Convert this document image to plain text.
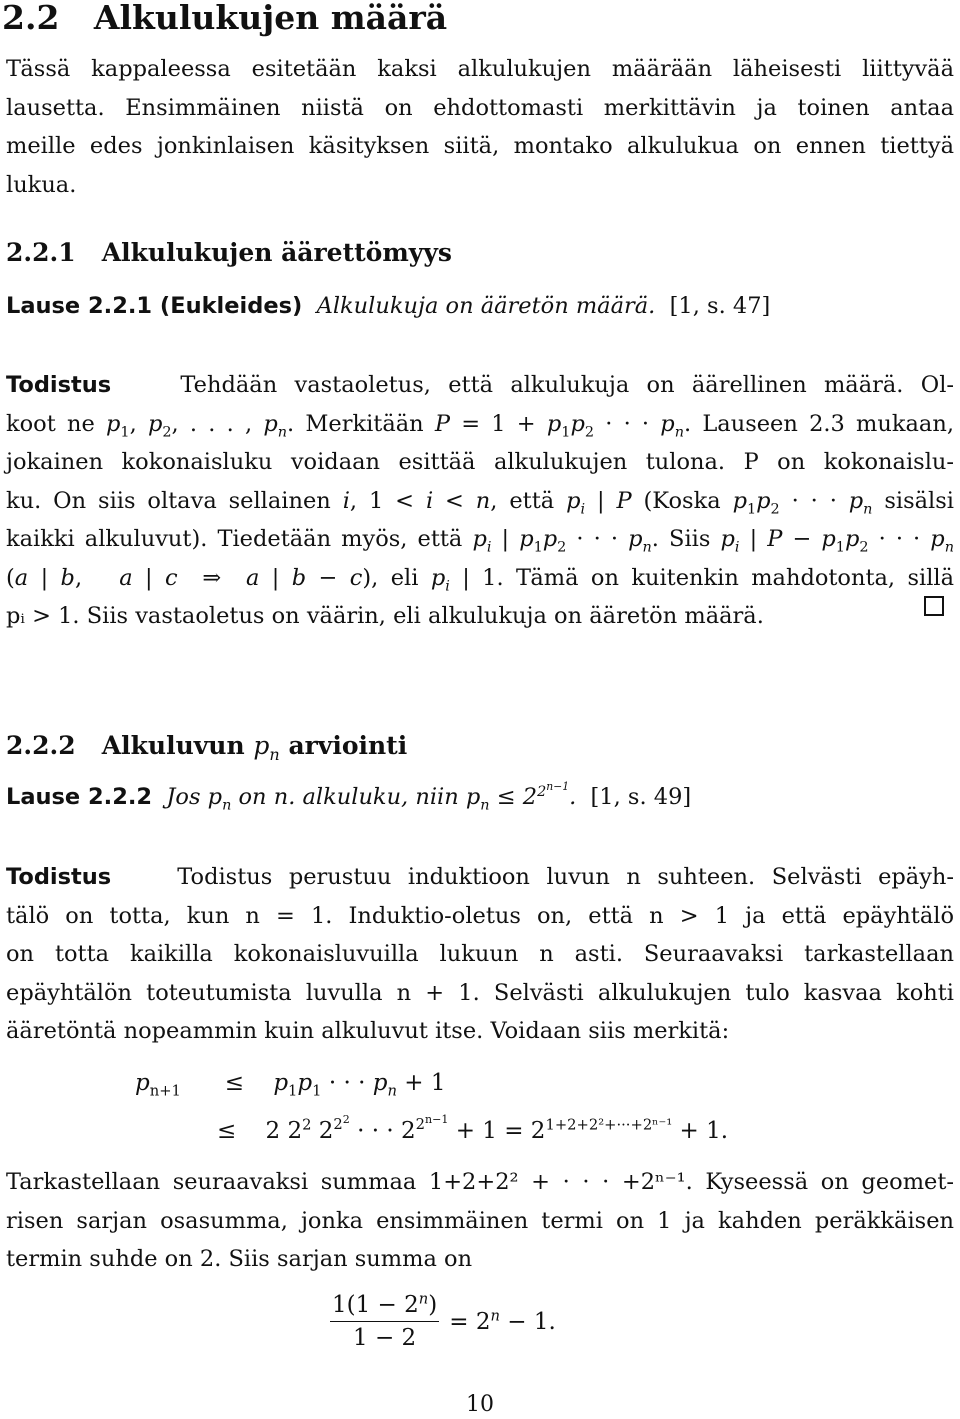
2.2 Alkulukujen määrä
Tässä kappaleessa esitetään kaksi alkulukujen määrään läheisesti liittyvää
lausetta. Ensimmäinen niistä on ehdottomasti merkittävin ja toinen antaa
meille edes jonkinlaisen käsityksen siitä, montako alkulukua on ennen tiettyä
lukua.
2.2.1 Alkulukujen äärettömyys
Lause 2.2.1 (Eukleides) Alkulukuja on ääretön määrä. [1, s. 47]
Todistus	Tehdään vastaoletus, että alkulukuja on äärellinen määrä. Ol-
koot ne $p_1$, $p_2$, . . . , $p_n$. Merkitään $P = 1 + p_1p_2$ · · · $p_n$. Lauseen 2.3 mukaan,
jokainen kokonaisluku voidaan esittää alkulukujen tulona. P on kokonaislu-
ku. On siis oltava sellainen i, 1 < i < n, että $p_i$ | P (Koska $p_1p_2$ · · · $p_n$ sisälsi
kaikki alkuluvut). Tiedetään myös, että $p_i$ | $p_1p_2$ · · · $p_n$. Siis $p_i$ | $P - p_1p_2$ · · · $p_n$
(a | b,   a | c  ⇒  a | b − c), eli $p_i$ | 1. Tämä on kuitenkin mahdotonta, sillä
pᵢ > 1. Siis vastaoletus on väärin, eli alkulukuja on ääretön määrä.
2.2.2 Alkuluvun $p_n$ arviointi
Lause 2.2.2 Jos $p_n$ on n. alkuluku, niin $p_n \le 2^{2^{n-1}}$. [1, s. 49]
Todistus	Todistus perustuu induktioon luvun n suhteen. Selvästi epäyh-
tälö on totta, kun n = 1. Induktio-oletus on, että n > 1 ja että epäyhtälö
on totta kaikilla kokonaisluvuilla lukuun n asti. Seuraavaksi tarkastellaan
epäyhtälön toteutumista luvulla n + 1. Selvästi alkulukujen tulo kasvaa kohti
ääretöntä nopeammin kuin alkuluvut itse. Voidaan siis merkitä:
$p_{n+1}$      ≤    $p_1p_1$ · · · $p_n + 1$
≤    2 $2^2$ $2^{2^2}$ · · · $2^{2^{n-1}} + 1 = 2^{1+2+2^2+\cdot\cdot\cdot+2^{n-1}} + 1$.
Tarkastellaan seuraavaksi summaa 1+2+2² + · · · +2ⁿ⁻¹. Kyseessä on geomet-
risen sarjan osasumma, jonka ensimmäinen termi on 1 ja kahden peräkkäisen
termin suhde on 2. Siis sarjan summa on
$\frac{1(1 - 2^n)}{1 - 2} = 2^n - 1$.
10
